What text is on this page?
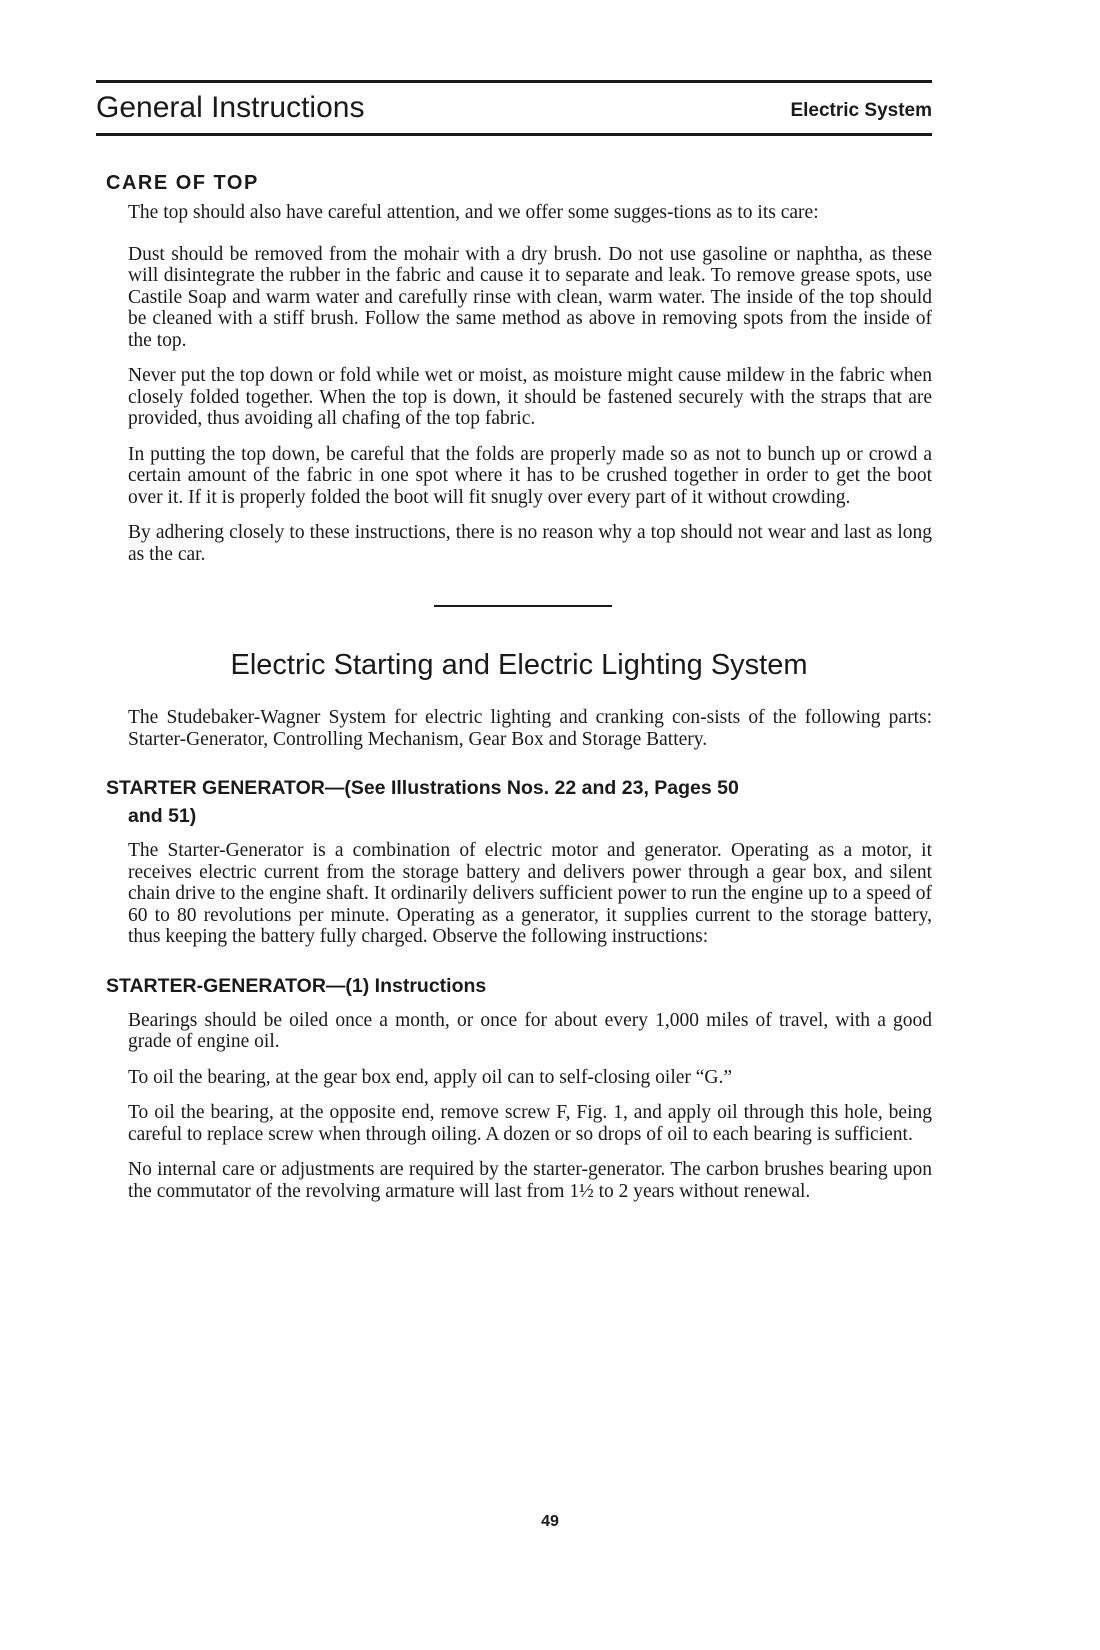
General Instructions	Electric System
CARE OF TOP

The top should also have careful attention, and we offer some sugges-tions as to its care:

Dust should be removed from the mohair with a dry brush. Do not use gasoline or naphtha, as these will disintegrate the rubber in the fabric and cause it to separate and leak. To remove grease spots, use Castile Soap and warm water and carefully rinse with clean, warm water. The inside of the top should be cleaned with a stiff brush. Follow the same method as above in removing spots from the inside of the top.

Never put the top down or fold while wet or moist, as moisture might cause mildew in the fabric when closely folded together. When the top is down, it should be fastened securely with the straps that are provided, thus avoiding all chafing of the top fabric.

In putting the top down, be careful that the folds are properly made so as not to bunch up or crowd a certain amount of the fabric in one spot where it has to be crushed together in order to get the boot over it. If it is properly folded the boot will fit snugly over every part of it without crowding.

By adhering closely to these instructions, there is no reason why a top should not wear and last as long as the car.

Electric Starting and Electric Lighting System

The Studebaker-Wagner System for electric lighting and cranking con-sists of the following parts: Starter-Generator, Controlling Mechanism, Gear Box and Storage Battery.

STARTER GENERATOR—(See Illustrations Nos. 22 and 23, Pages 50
and 51)

The Starter-Generator is a combination of electric motor and generator. Operating as a motor, it receives electric current from the storage battery and delivers power through a gear box, and silent chain drive to the engine shaft. It ordinarily delivers sufficient power to run the engine up to a speed of 60 to 80 revolutions per minute. Operating as a generator, it supplies current to the storage battery, thus keeping the battery fully charged. Observe the following instructions:

STARTER-GENERATOR—(1) Instructions

Bearings should be oiled once a month, or once for about every 1,000 miles of travel, with a good grade of engine oil.

To oil the bearing, at the gear box end, apply oil can to self-closing oiler “G.”

To oil the bearing, at the opposite end, remove screw F, Fig. 1, and apply oil through this hole, being careful to replace screw when through oiling. A dozen or so drops of oil to each bearing is sufficient.

No internal care or adjustments are required by the starter-generator. The carbon brushes bearing upon the commutator of the revolving armature will last from 1½ to 2 years without renewal.

49
